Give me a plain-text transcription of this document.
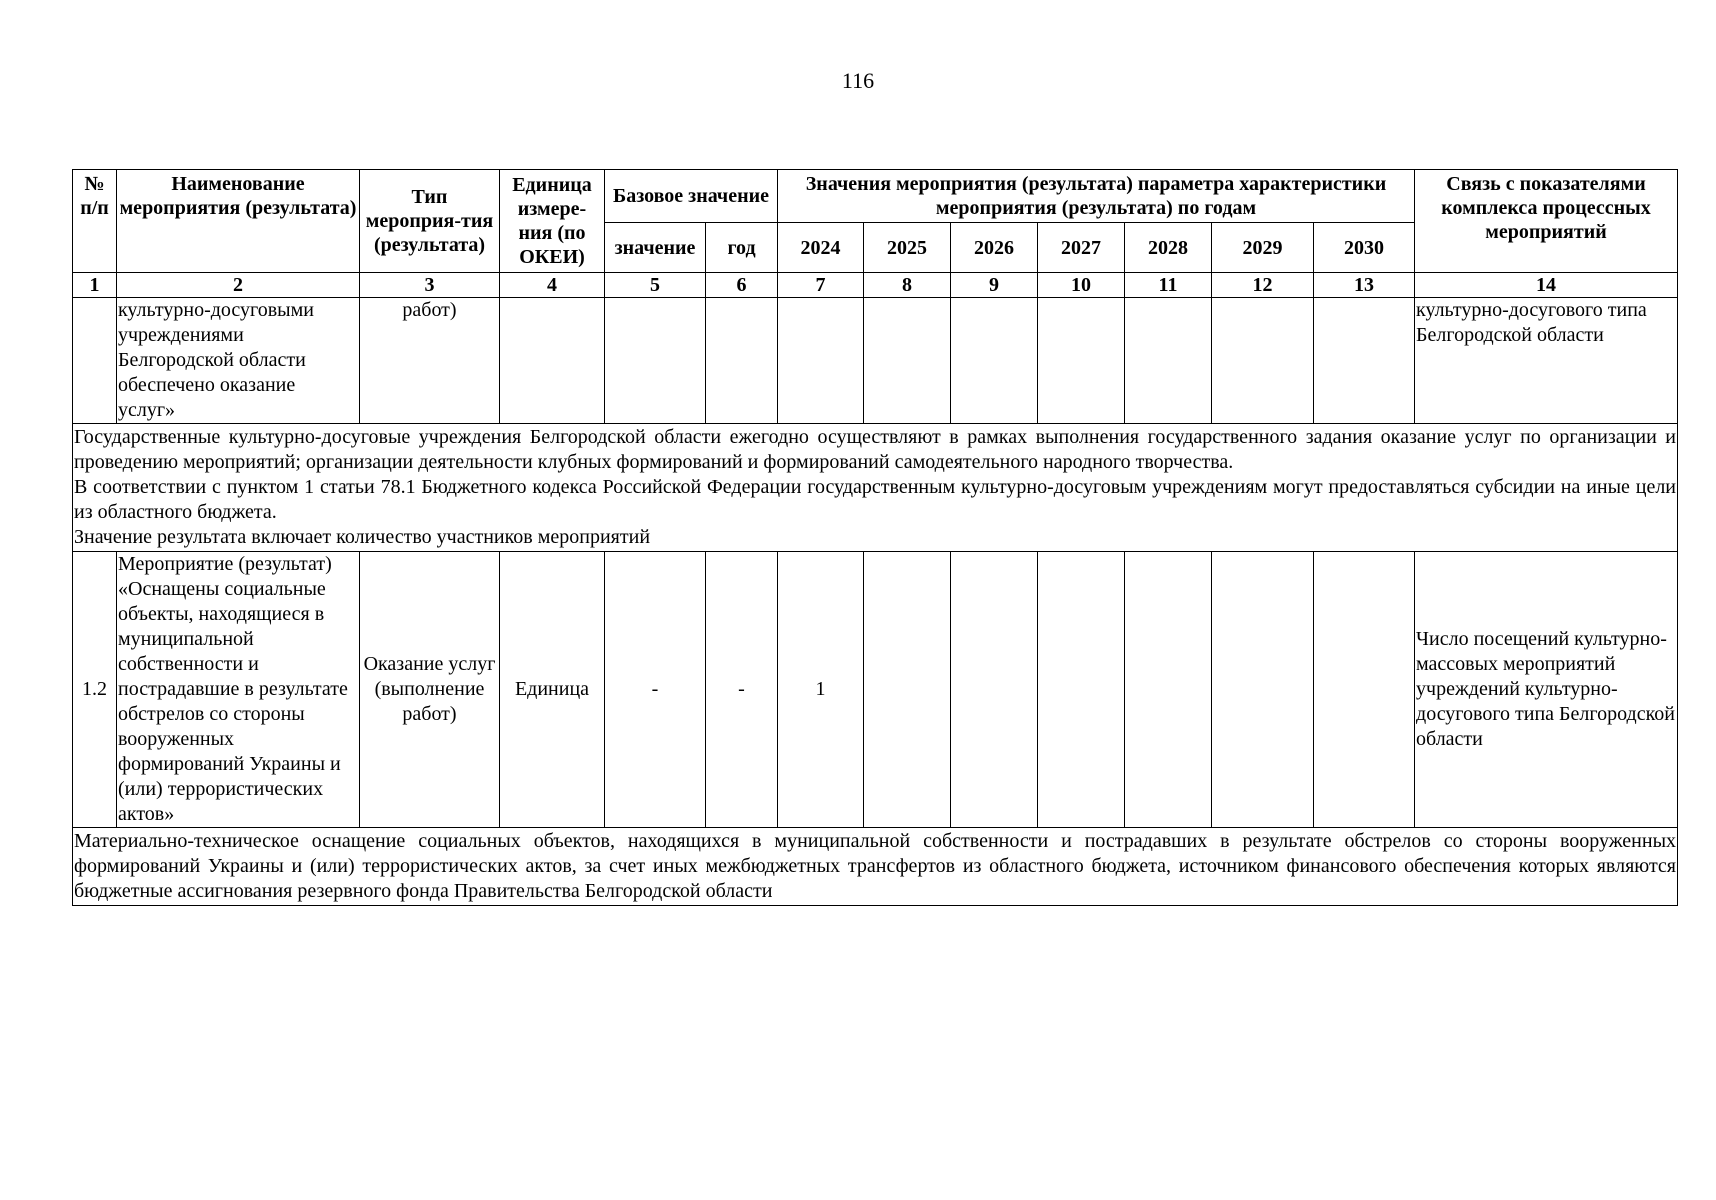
116
№ п/п	Наименование мероприятия (результата)	Тип мероприя-тия (результата)	Единица измере-ния (по ОКЕИ)	Базовое значение		Значения мероприятия (результата) параметра характеристики мероприятия (результата) по годам							Связь с показателями комплекса процессных мероприятий
				значение	год	2024	2025	2026	2027	2028	2029	2030	
1	2	3	4	5	6	7	8	9	10	11	12	13	14
	культурно-досуговыми учреждениями Белгородской области обеспечено оказание услуг»	работ)											культурно-досугового типа Белгородской области

Государственные культурно-досуговые учреждения Белгородской области ежегодно осуществляют в рамках выполнения государственного задания оказание услуг по организации и проведению мероприятий; организации деятельности клубных формирований и формирований самодеятельного народного творчества.

В соответствии с пунктом 1 статьи 78.1 Бюджетного кодекса Российской Федерации государственным культурно-досуговым учреждениям могут предоставляться субсидии на иные цели из областного бюджета.

Значение результата включает количество участников мероприятий													

1.2	Мероприятие (результат) «Оснащены социальные объекты, находящиеся в муниципальной собственности и пострадавшие в результате обстрелов со стороны вооруженных формирований Украины и (или) террористических актов»	Оказание услуг (выполнение работ)	Единица	-	-	1							Число посещений культурно-массовых мероприятий учреждений культурно-досугового типа Белгородской области
Материально-техническое оснащение социальных объектов, находящихся в муниципальной собственности и пострадавших в результате обстрелов со стороны вооруженных формирований Украины и (или) террористических актов, за счет иных межбюджетных трансфертов из областного бюджета, источником финансового обеспечения которых являются бюджетные ассигнования резервного фонда Правительства Белгородской области													
